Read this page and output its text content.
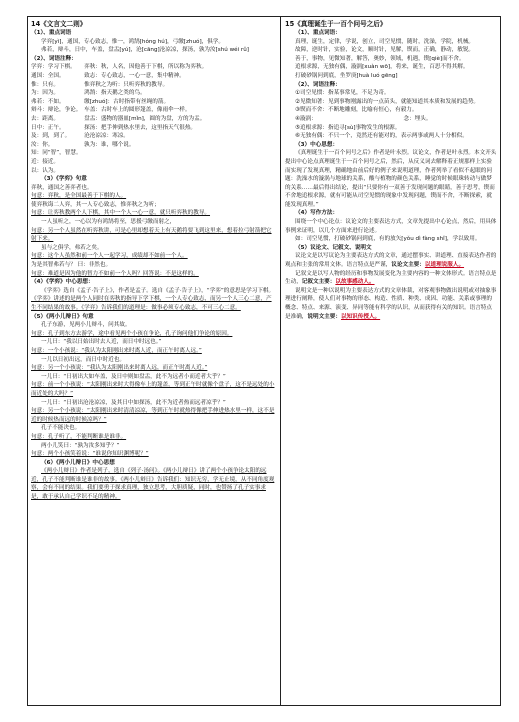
14《文言文二则》

（1）、重点词语

学弈[yì]，通国，专心致志，惟一，鸿鹄[hóng hú]，弓缴[zhuó]，俱学。

弗若，辩斗，日中，车盖，盘盂[yú]，沧[cāng]沧凉凉，探汤，孰为汝[shú wéi rǔ]

（2）、词语注释：

学弈：学习下棋。　　弈秋：秋，人名，因他善于下棋，所以称为弈秋。

通国：全国。　　　　致志：专心致志，一心一意，集中精神。

惟：只有。　　　　　惟弈秋之为听：只听弈秋的教导。

为：因为。　　　　　鸿鹄：指天鹅之类的鸟。

弗若：不如。　　　　缴[zhuó]：古时指带有丝绳的箭。

辩斗：辩论，争论。　车盖：古时车上的圆形篷盖，像雨伞一样。

去：距离。　　　　　盘盂：盛物的器皿[mǐn]，圆的为盘，方的为盂。

日中：正午。　　　　探汤：把手伸到热水里去，这里指天气很热。

及：到，到了。　　　沧沧凉凉：寒凉。

汝：你。　　　　　　孰为：谁，哪个说。

知：同“智”，智慧。

近：接近。

以：认为。

（3）《学弈》句意

弈秋，通国之善弈者也。

句意：弈秋，是全国最善于下棋的人。

使弈秋诲二人弈，其一人专心致志，惟弈秋之为听；

句意：让弈秋教两个人下棋，其中一个人一心一意，就只听弈秋的教导。

一人虽听之，一心以为有鸿鹄将至，思援弓缴而射之，

句意：另一个人虽然在听弈秋讲，可是心里却想着天上有天鹅将要飞到这里来，想着拉弓射箭把它射下来。

虽与之俱学，弗若之矣。

句意：这个人虽然和前一个人一起学习，成绩却不如前一个人。

为是其智弗若与？ 曰：非然也。

句意：难道是因为他的智力不如前一个人吗？回答说：不是这样的。

（4）《学弈》中心思想：

《学弈》选自《孟子·告子上》，作者是孟子。选自《孟子·告子上》，“学弈”的意思是学习下棋。

《学弈》讲述的是两个人同时在弈秋的指导下学下棋，一个人专心致志，而另一个人三心二意，产生不同结果的故事。《学弈》告诉我们的道理是：做事必须专心致志，不可三心二意。

（5）《两小儿辩日》句意

孔子东游，见两小儿辩斗，问其故。

句意：孔子到东方去游学，途中看见两个小孩在争论，孔子询问他们争论的原因。

一儿曰：“我以日始出时去人近，而日中时远也。”

句意：一个小孩说：“我认为太阳刚出来时离人近，而正午时离人远。”

一儿以日初出远，而日中时近也。

句意：另一个小孩说：“我认为太阳刚出来时离人远，而正午时离人近。”

一儿曰：“日初出大如车盖，及日中则如盘盂，此不为远者小而近者大乎？”

句意：前一个小孩说：“太阳刚出来时大得像车上的篷盖，等到正午时就像个盘子，这不是远处的小而近处的大吗？”

一儿曰：“日初出沧沧凉凉，及其日中如探汤，此不为近者热而远者凉乎？”

句意：另一个小孩说：“太阳刚出来时清清凉凉，等到正午时就热得像把手伸进热水里一样，这不是近的时候热而远的时候凉吗？”

孔子不能决也。

句意：孔子听了，不能判断谁是谁非。

两小儿笑曰：“孰为汝多知乎？”

句意：两个小孩笑着说：“谁说你知识渊博呢？”

（6）《两小儿辩日》中心思想

《两小儿辩日》作者是列子，选自《列子·汤问》。《两小儿辩日》讲了两个小孩争论太阳的远近，孔子不能判断谁是谁非的故事。《两小儿辩日》告诉我们：知识无穷，学无止境，从不同角度观察，会有不同的结果。我们要勇于探求真理，独立思考，大胆质疑，同时，也赞扬了孔子实事求是，敢于承认自己学识不足的精神。

15《真理诞生于一百个问号之后》

（1）、重点词语：

真理，诞生，定律，学说，创立，司空见惯，随时，洗澡，学院，机械。

故障，逆时针，实验，论文，顺时针，见解，锲而，正确，静动，敏锐。

善于，事物，见微知著，解答，奥妙，领域，机遇，锲[qiè]而不舍。

追根求源，无独有偶，漩涡[xuàn wō]，将来，诞生，百思不得其解。

打破砂锅问到底，坐罗庚[huà luó gēng]

（2）、词语注释：

①司空见惯：指某事常见，不足为奇。

②见微知著：见到事物刚露出的一点苗头，就能知道其本质和发展的趋势。

③锲而不舍：不断地雕刻，比喻有恒心，有毅力。

④漩涡：　　　　　　　　　　　　　　　　念：埋头。

⑤追根求源：指追寻[sù]事物发生的根源。

⑥无独有偶：不只一个，竟然还有能对的，表示两事或两人十分相似。

（3）中心思想：

《真理诞生于一百个问号之后》作者是叶永烈。议论文，作者是叶永烈。本文开头提出中心论点真理诞生于一百个问号之后，然后，从反义词去解释着正规那样上实验而实现了发现真理，精确地由前后好的例子来说明道理，作者列举了看似不起眼的问题：洗澡水的漩涡与地球的关系，酸与植物的颜色关系，睡觉的时候眼珠转动与做梦的关系……最后得出结论，提出“只要你有一双善于发现问题的眼睛，善于思考，锲而不舍地追根求源，就有可能从司空见惯的现象中发现问题，锲而不舍，不断探索，就能发现真理。”

（4）写作方法：

围绕一个中心论点：议论文的主要表达方式，文章先提出中心论点，然后，用具体事例来证明，以几个方面来进行论述。

如：司空见惯，打破砂锅问到底，有的放矢[yǒu dì fàng shǐ]，学以致用。

（5）议论文、记叙文、说明文

议论文是以写议论为主要表达方式的文章，通过摆事实、讲道理、直接表达作者的观点和主张的常用文体。语言特点是严谨，议论文主要：以道理说服人。

记叙文是以写人物的经历和事物发展变化为主要内容的一种文体形式。语言特点是生动，记叙文主要：以故事感动人。

说明文是一种以说明为主要表达方式的文章体裁，对客观事物做出说明或对抽象事理进行阐释，使人们对事物的形态、构造、性质、种类、成因、功能、关系或事理的概念、特点、来源、演变、异同等能有科学的认识，从而获得有关的知识。语言特点是准确，说明文主要：以知识传授人。
